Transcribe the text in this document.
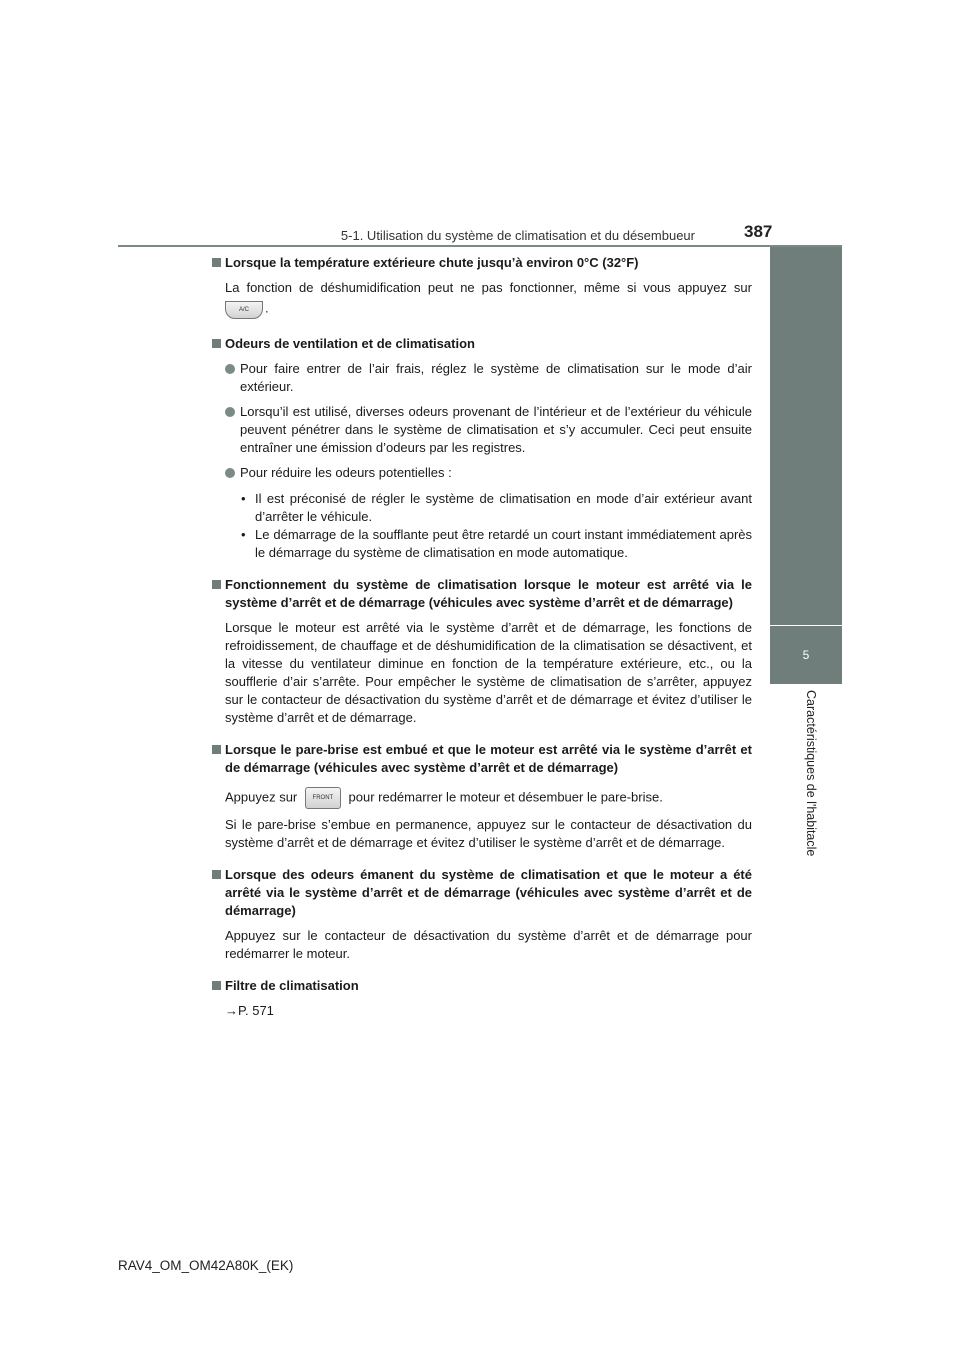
5-1. Utilisation du système de climatisation et du désembueur	387
5
Caractéristiques de l'habitacle
Lorsque la température extérieure chute jusqu’à environ 0°C (32°F)
La fonction de déshumidification peut ne pas fonctionner, même si vous appuyez sur A/C .
Odeurs de ventilation et de climatisation
Pour faire entrer de l’air frais, réglez le système de climatisation sur le mode d’air extérieur.
Lorsqu’il est utilisé, diverses odeurs provenant de l’intérieur et de l’extérieur du véhicule peuvent pénétrer dans le système de climatisation et s’y accumuler. Ceci peut ensuite entraîner une émission d’odeurs par les registres.
Pour réduire les odeurs potentielles :
• Il est préconisé de régler le système de climatisation en mode d’air extérieur avant d’arrêter le véhicule.
• Le démarrage de la soufflante peut être retardé un court instant immédiatement après le démarrage du système de climatisation en mode automatique.
Fonctionnement du système de climatisation lorsque le moteur est arrêté via le système d’arrêt et de démarrage (véhicules avec système d’arrêt et de démarrage)
Lorsque le moteur est arrêté via le système d’arrêt et de démarrage, les fonctions de refroidissement, de chauffage et de déshumidification de la climatisation se désactivent, et la vitesse du ventilateur diminue en fonction de la température extérieure, etc., ou la soufflerie d’air s’arrête. Pour empêcher le système de climatisation de s’arrêter, appuyez sur le contacteur de désactivation du système d’arrêt et de démarrage et évitez d’utiliser le système d’arrêt et de démarrage.
Lorsque le pare-brise est embué et que le moteur est arrêté via le système d’arrêt et de démarrage (véhicules avec système d’arrêt et de démarrage)
Appuyez sur	FRONT pour redémarrer le moteur et désembuer le pare-brise.
Si le pare-brise s’embue en permanence, appuyez sur le contacteur de désactivation du système d’arrêt et de démarrage et évitez d’utiliser le système d’arrêt et de démarrage.
Lorsque des odeurs émanent du système de climatisation et que le moteur a été arrêté via le système d’arrêt et de démarrage (véhicules avec système d’arrêt et de démarrage)
Appuyez sur le contacteur de désactivation du système d’arrêt et de démarrage pour redémarrer le moteur.
Filtre de climatisation
→P. 571
RAV4_OM_OM42A80K_(EK)
